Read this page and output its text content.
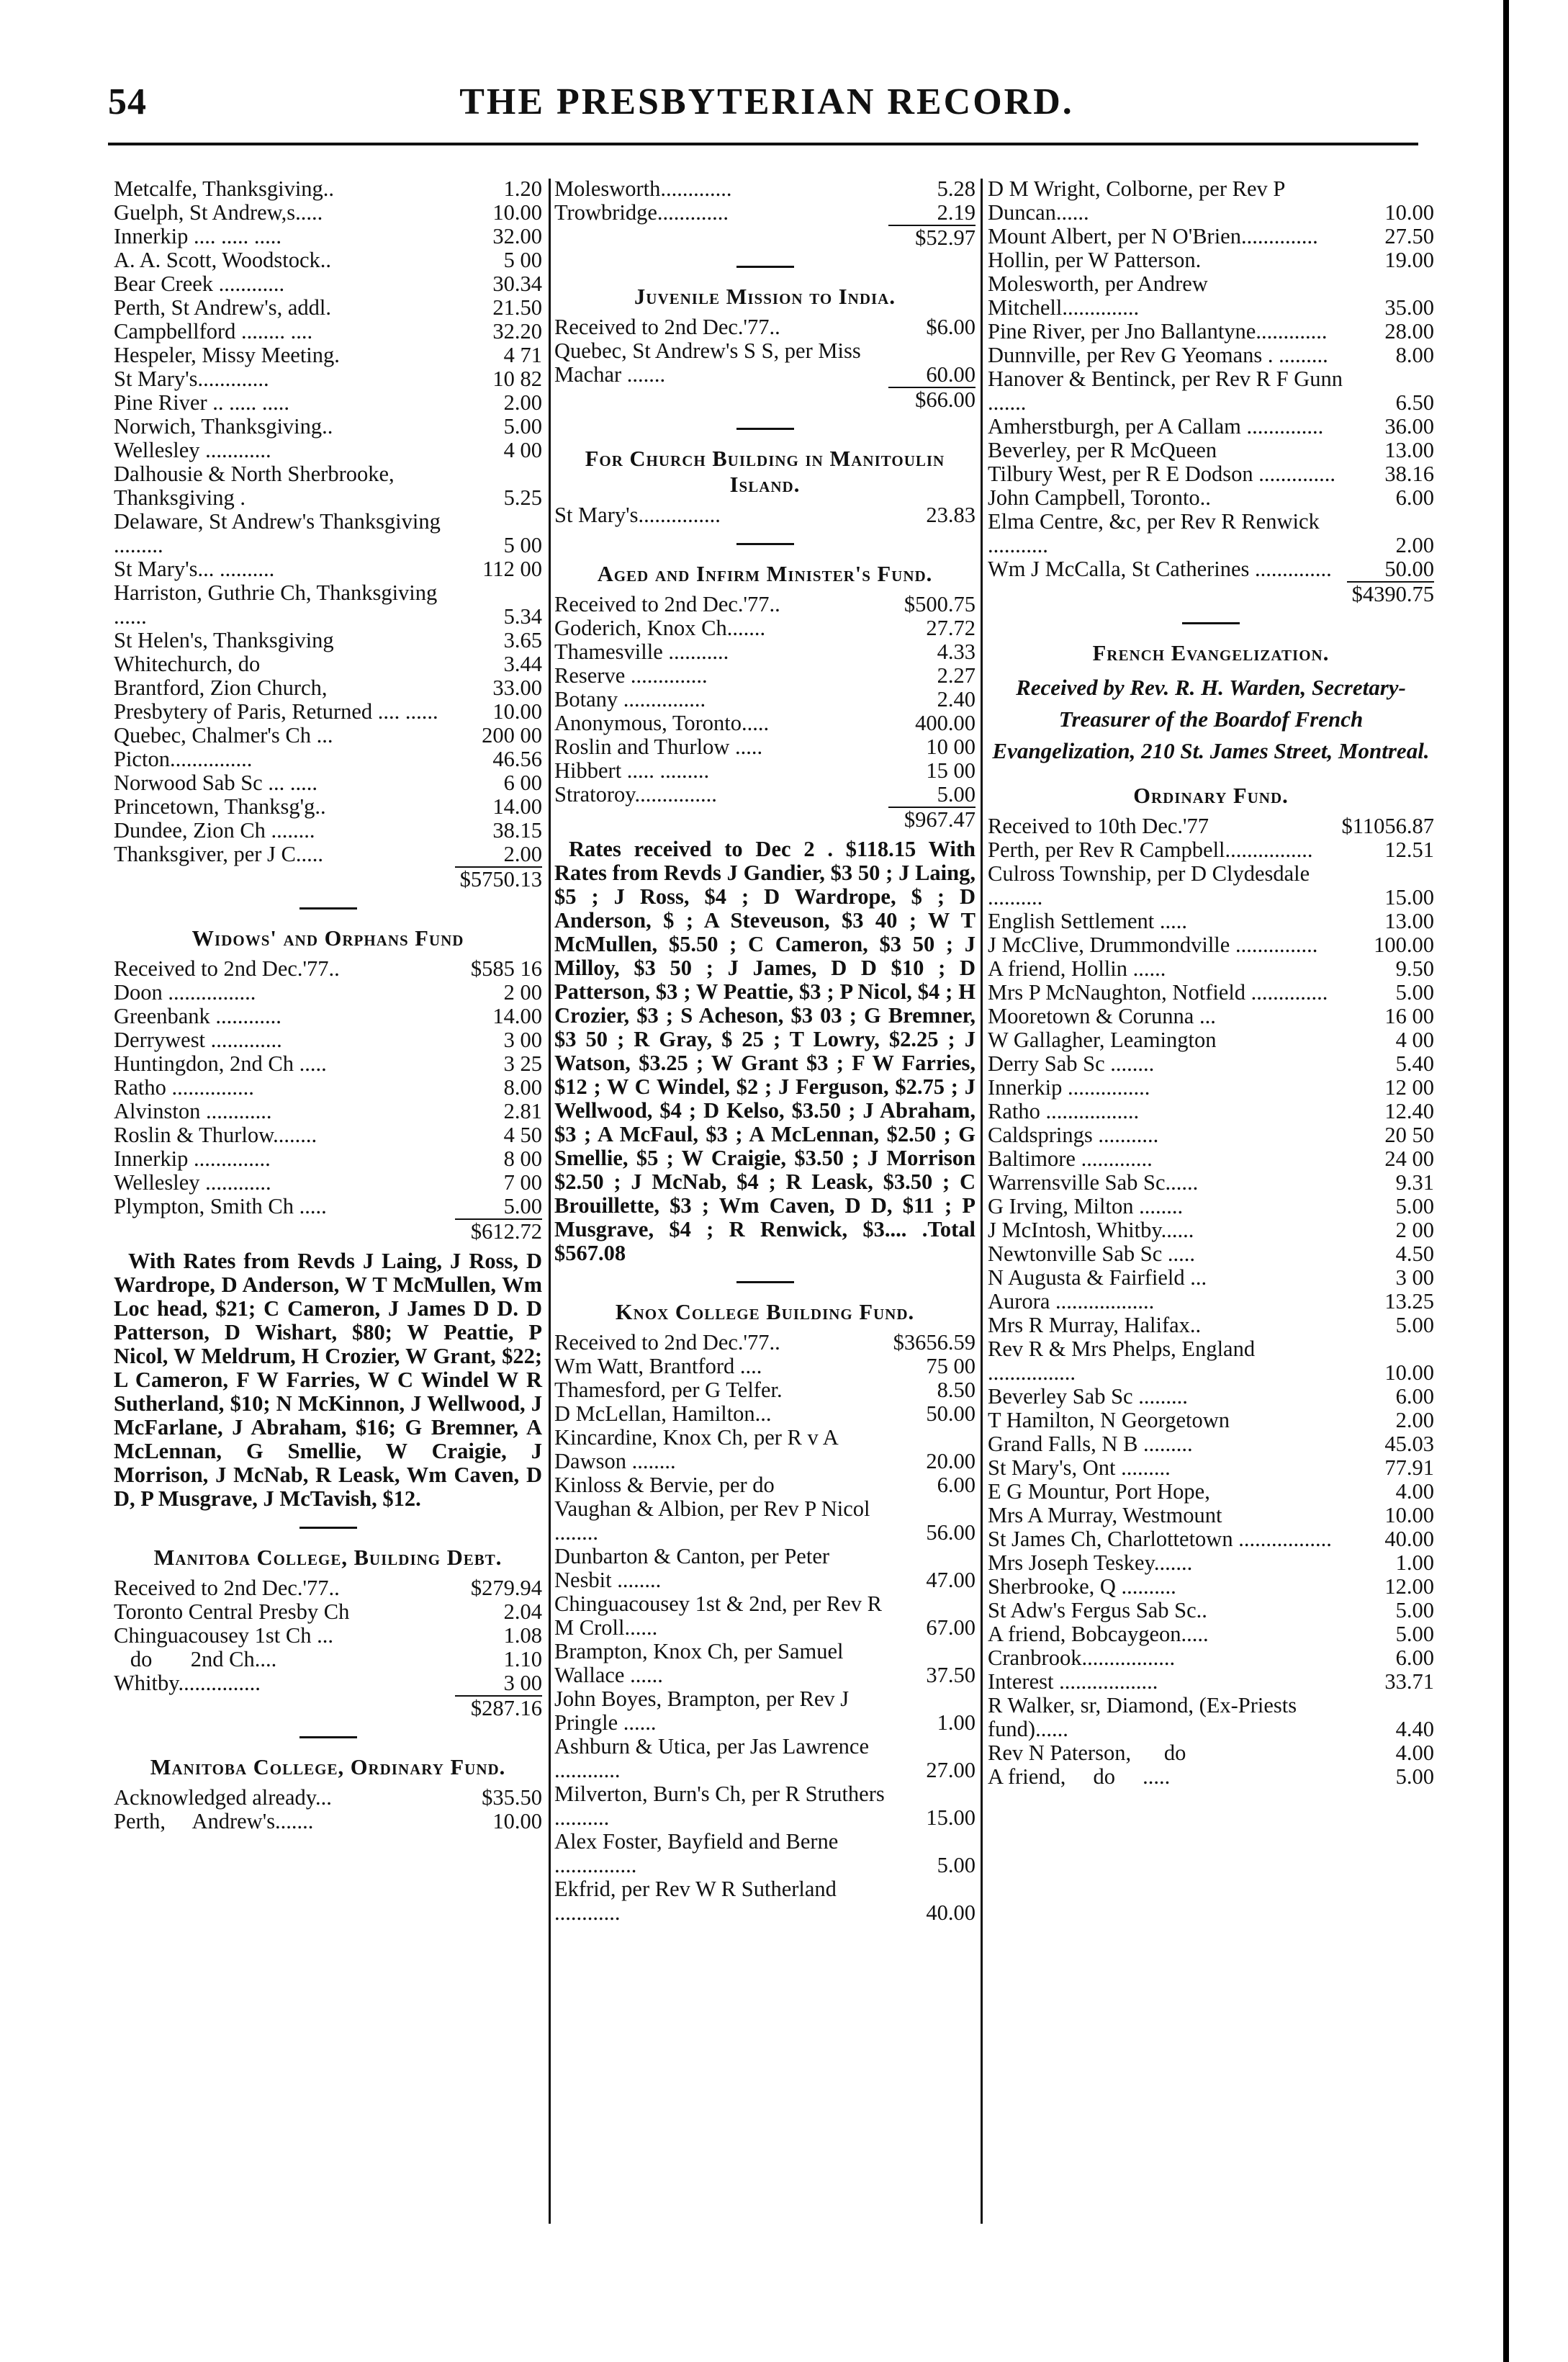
54	THE PRESBYTERIAN RECORD.
Metcalfe, Thanksgiving..	1.20
Guelph, St Andrew,s.....	10.00
Innerkip .... ..... .....	32.00
A. A. Scott, Woodstock..	5 00
Bear Creek ............	30.34
Perth, St Andrew's, addl.	21.50
Campbellford ........ ....	32.20
Hespeler, Missy Meeting.	4 71
St Mary's.............	10 82
Pine River .. ..... .....	2.00
Norwich, Thanksgiving..	5.00
Wellesley ............	4 00
Dalhousie & North Sherbrooke, Thanksgiving .	5.25
Delaware, St Andrew's Thanksgiving .........	5 00
St Mary's... ..........	112 00
Harriston, Guthrie Ch, Thanksgiving ......	5.34
St Helen's, Thanksgiving	3.65
Whitechurch, do	3.44
Brantford, Zion Church,	33.00
Presbytery of Paris, Returned .... ......	10.00
Quebec, Chalmer's Ch ...	200 00
Picton...............	46.56
Norwood Sab Sc ... .....	6 00
Princetown, Thanksg'g..	14.00
Dundee, Zion Ch ........	38.15
Thanksgiver, per J C.....	2.00
$5750.13
Widows' and Orphans Fund
Received to 2nd Dec.'77..	$585 16
Doon ................	2 00
Greenbank ............	14.00
Derrywest .............	3 00
Huntingdon, 2nd Ch .....	3 25
Ratho ...............	8.00
Alvinston ............	2.81
Roslin & Thurlow........	4 50
Innerkip ..............	8 00
Wellesley ............	7 00
Plympton, Smith Ch .....	5.00
$612.72
With Rates from Revds J Laing, J Ross, D Wardrope, D Anderson, W T McMullen, Wm Loc head, $21; C Cameron, J James D D. D Patterson, D Wishart, $80; W Peattie, P Nicol, W Meldrum, H Crozier, W Grant, $22; L Cameron, F W Farries, W C Windel W R Sutherland, $10; N McKinnon, J Wellwood, J McFarlane, J Abraham, $16; G Bremner, A McLennan, G Smellie, W Craigie, J Morrison, J McNab, R Leask, Wm Caven, D D, P Musgrave, J McTavish, $12.
Manitoba College, Building Debt.
Received to 2nd Dec.'77..	$279.94
Toronto Central Presby Ch	2.04
Chinguacousey 1st Ch ...	1.08
do       2nd Ch....	1.10
Whitby...............	3 00
$287.16
Manitoba College, Ordinary Fund.
Acknowledged already...	$35.50
Perth,     Andrew's.......	10.00
Molesworth.............	5.28
Trowbridge.............	2.19
$52.97
Juvenile Mission to India.
Received to 2nd Dec.'77..	$6.00
Quebec, St Andrew's S S, per Miss Machar .......	60.00
$66.00
For Church Building in Manitoulin Island.
St Mary's...............	23.83
Aged and Infirm Minister's Fund.
Received to 2nd Dec.'77..	$500.75
Goderich, Knox Ch.......	27.72
Thamesville ...........	4.33
Reserve ..............	2.27
Botany ...............	2.40
Anonymous, Toronto.....	400.00
Roslin and Thurlow .....	10 00
Hibbert ..... .........	15 00
Stratoroy...............	5.00
$967.47
Rates received to Dec 2 . $118.15 With Rates from Revds J Gandier, $3 50 ; J Laing, $5 ; J Ross, $4 ; D Wardrope, $ ; D Anderson, $ ; A Steveuson, $3 40 ; W T McMullen, $5.50 ; C Cameron, $3 50 ; J Milloy, $3 50 ; J James, D D $10 ; D Patterson, $3 ; W Peattie, $3 ; P Nicol, $4 ; H Crozier, $3 ; S Acheson, $3 03 ; G Bremner, $3 50 ; R Gray, $ 25 ; T Lowry, $2.25 ; J Watson, $3.25 ; W Grant $3 ; F W Farries, $12 ; W C Windel, $2 ; J Ferguson, $2.75 ; J Wellwood, $4 ; D Kelso, $3.50 ; J Abraham, $3 ; A McFaul, $3 ; A McLennan, $2.50 ; G Smellie, $5 ; W Craigie, $3.50 ; J Morrison $2.50 ; J McNab, $4 ; R Leask, $3.50 ; C Brouillette, $3 ; Wm Caven, D D, $11 ; P Musgrave, $4 ; R Renwick, $3.... .Total $567.08
Knox College Building Fund.
Received to 2nd Dec.'77..	$3656.59
Wm Watt, Brantford ....	75 00
Thamesford, per G Telfer.	8.50
D McLellan, Hamilton...	50.00
Kincardine, Knox Ch, per R v A Dawson ........	20.00
Kinloss & Bervie, per do	6.00
Vaughan & Albion, per Rev P Nicol ........	56.00
Dunbarton & Canton, per Peter Nesbit ........	47.00
Chinguacousey 1st & 2nd, per Rev R M Croll......	67.00
Brampton, Knox Ch, per Samuel Wallace ......	37.50
John Boyes, Brampton, per Rev J Pringle ......	1.00
Ashburn & Utica, per Jas Lawrence ............	27.00
Milverton, Burn's Ch, per R Struthers ..........	15.00
Alex Foster, Bayfield and Berne ...............	5.00
Ekfrid, per Rev W R Sutherland ............	40.00
D M Wright, Colborne, per Rev P Duncan......	10.00
Mount Albert, per N O'Brien..............	27.50
Hollin, per W Patterson.	19.00
Molesworth, per Andrew Mitchell..............	35.00
Pine River, per Jno Ballantyne.............	28.00
Dunnville, per Rev G Yeomans . .........	8.00
Hanover & Bentinck, per Rev R F Gunn .......	6.50
Amherstburgh, per A Callam ..............	36.00
Beverley, per R McQueen	13.00
Tilbury West, per R E Dodson ..............	38.16
John Campbell, Toronto..	6.00
Elma Centre, &c, per Rev R Renwick ...........	2.00
Wm J McCalla, St Catherines ..............	50.00
$4390.75
French Evangelization.
Received by Rev. R. H. Warden, Secretary-Treasurer of the Boardof French Evangelization, 210 St. James Street, Montreal.
Ordinary Fund.
Received to 10th Dec.'77	$11056.87
Perth, per Rev R Campbell................	12.51
Culross Township, per D Clydesdale ..........	15.00
English Settlement .....	13.00
J McClive, Drummondville ...............	100.00
A friend, Hollin ......	9.50
Mrs P McNaughton, Notfield ..............	5.00
Mooretown & Corunna ...	16 00
W Gallagher, Leamington	4 00
Derry Sab Sc ........	5.40
Innerkip ...............	12 00
Ratho .................	12.40
Caldsprings ...........	20 50
Baltimore .............	24 00
Warrensville Sab Sc......	9.31
G Irving, Milton ........	5.00
J McIntosh, Whitby......	2 00
Newtonville Sab Sc .....	4.50
N Augusta & Fairfield ...	3 00
Aurora ..................	13.25
Mrs R Murray, Halifax..	5.00
Rev R & Mrs Phelps, England ................	10.00
Beverley Sab Sc .........	6.00
T Hamilton, N Georgetown	2.00
Grand Falls, N B .........	45.03
St Mary's, Ont .........	77.91
E G Mountur, Port Hope,	4.00
Mrs A Murray, Westmount	10.00
St James Ch, Charlottetown .................	40.00
Mrs Joseph Teskey.......	1.00
Sherbrooke, Q ..........	12.00
St Adw's Fergus Sab Sc..	5.00
A friend, Bobcaygeon.....	5.00
Cranbrook.................	6.00
Interest ..................	33.71
R Walker, sr, Diamond, (Ex-Priests fund)......	4.40
Rev N Paterson,      do	4.00
A friend,     do     .....	5.00
